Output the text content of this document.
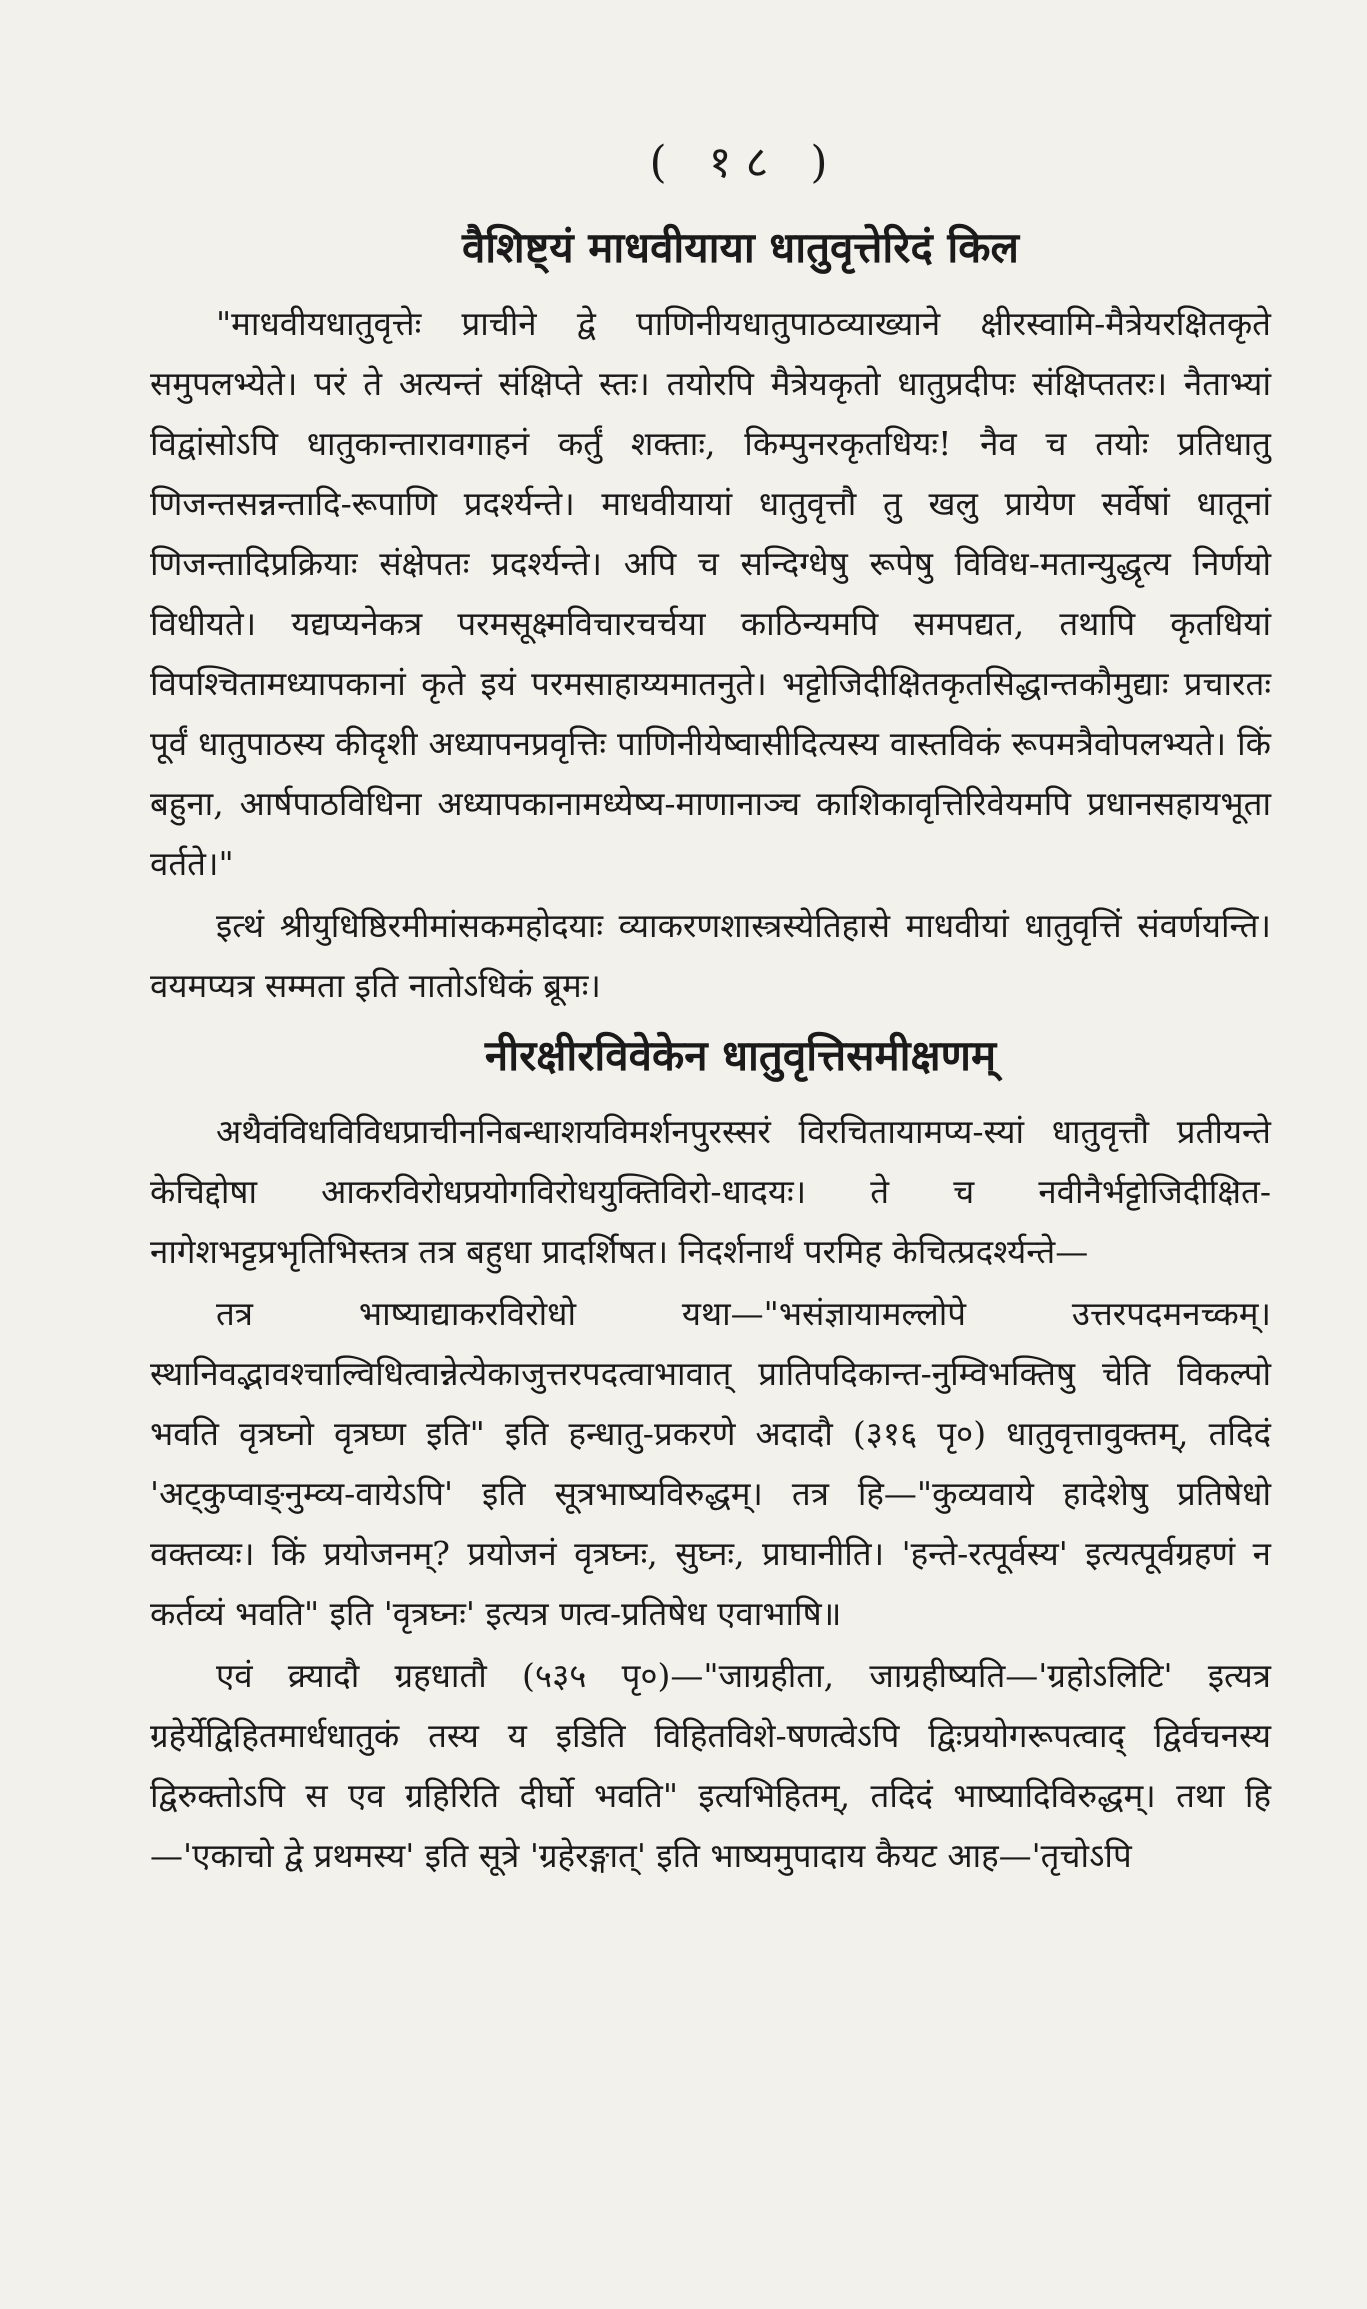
( १८ )
वैशिष्ट्यं माधवीयाया धातुवृत्तेरिदं किल

"माधवीयधातुवृत्तेः प्राचीने द्वे पाणिनीयधातुपाठव्याख्याने क्षीरस्वामि-मैत्रेयरक्षितकृते समुपलभ्येते। परं ते अत्यन्तं संक्षिप्ते स्तः। तयोरपि मैत्रेयकृतो धातुप्रदीपः संक्षिप्ततरः। नैताभ्यां विद्वांसोऽपि धातुकान्तारावगाहनं कर्तुं शक्ताः, किम्पुनरकृतधियः! नैव च तयोः प्रतिधातु णिजन्तसन्नन्तादि-रूपाणि प्रदर्श्यन्ते। माधवीयायां धातुवृत्तौ तु खलु प्रायेण सर्वेषां धातूनां णिजन्तादिप्रक्रियाः संक्षेपतः प्रदर्श्यन्ते। अपि च सन्दिग्धेषु रूपेषु विविध-मतान्युद्धृत्य निर्णयो विधीयते। यद्यप्यनेकत्र परमसूक्ष्मविचारचर्चया काठिन्यमपि समपद्यत, तथापि कृतधियां विपश्चितामध्यापकानां कृते इयं परमसाहाय्यमातनुते। भट्टोजिदीक्षितकृतसिद्धान्तकौमुद्याः प्रचारतः पूर्वं धातुपाठस्य कीदृशी अध्यापनप्रवृत्तिः पाणिनीयेष्वासीदित्यस्य वास्तविकं रूपमत्रैवोपलभ्यते। किं बहुना, आर्षपाठविधिना अध्यापकानामध्येष्य-माणानाञ्च काशिकावृत्तिरिवेयमपि प्रधानसहायभूता वर्तते।"

इत्थं श्रीयुधिष्ठिरमीमांसकमहोदयाः व्याकरणशास्त्रस्येतिहासे माधवीयां धातुवृत्तिं संवर्णयन्ति। वयमप्यत्र सम्मता इति नातोऽधिकं ब्रूमः।

नीरक्षीरविवेकेन धातुवृत्तिसमीक्षणम्

अथैवंविधविविधप्राचीननिबन्धाशयविमर्शनपुरस्सरं विरचितायामप्य-स्यां धातुवृत्तौ प्रतीयन्ते केचिद्दोषा आकरविरोधप्रयोगविरोधयुक्तिविरो-धादयः। ते च नवीनैर्भट्टोजिदीक्षित-नागेशभट्टप्रभृतिभिस्तत्र तत्र बहुधा प्रादर्शिषत। निदर्शनार्थं परमिह केचित्प्रदर्श्यन्ते—

तत्र भाष्याद्याकरविरोधो यथा—"भसंज्ञायामल्लोपे उत्तरपदमनच्कम्। स्थानिवद्भावश्चाल्विधित्वान्नेत्येकाजुत्तरपदत्वाभावात् प्रातिपदिकान्त-नुम्विभक्तिषु चेति विकल्पो भवति वृत्रघ्नो वृत्रघ्ण इति" इति हन्धातु-प्रकरणे अदादौ (३१६ पृ०) धातुवृत्तावुक्तम्, तदिदं 'अट्कुप्वाङ्नुम्व्य-वायेऽपि' इति सूत्रभाष्यविरुद्धम्। तत्र हि—"कुव्यवाये हादेशेषु प्रतिषेधो वक्तव्यः। किं प्रयोजनम्? प्रयोजनं वृत्रघ्नः, सुघ्नः, प्राघानीति। 'हन्ते-रत्पूर्वस्य' इत्यत्पूर्वग्रहणं न कर्तव्यं भवति" इति 'वृत्रघ्नः' इत्यत्र णत्व-प्रतिषेध एवाभाषि॥

एवं क्र्यादौ ग्रहधातौ (५३५ पृ०)—"जाग्रहीता, जाग्रहीष्यति—'ग्रहोऽलिटि' इत्यत्र ग्रहेर्येद्विहितमार्धधातुकं तस्य य इडिति विहितविशे-षणत्वेऽपि द्विःप्रयोगरूपत्वाद् द्विर्वचनस्य द्विरुक्तोऽपि स एव ग्रहिरिति दीर्घो भवति" इत्यभिहितम्, तदिदं भाष्यादिविरुद्धम्। तथा हि—'एकाचो द्वे प्रथमस्य' इति सूत्रे 'ग्रहेरङ्गात्' इति भाष्यमुपादाय कैयट आह—'तृचोऽपि
